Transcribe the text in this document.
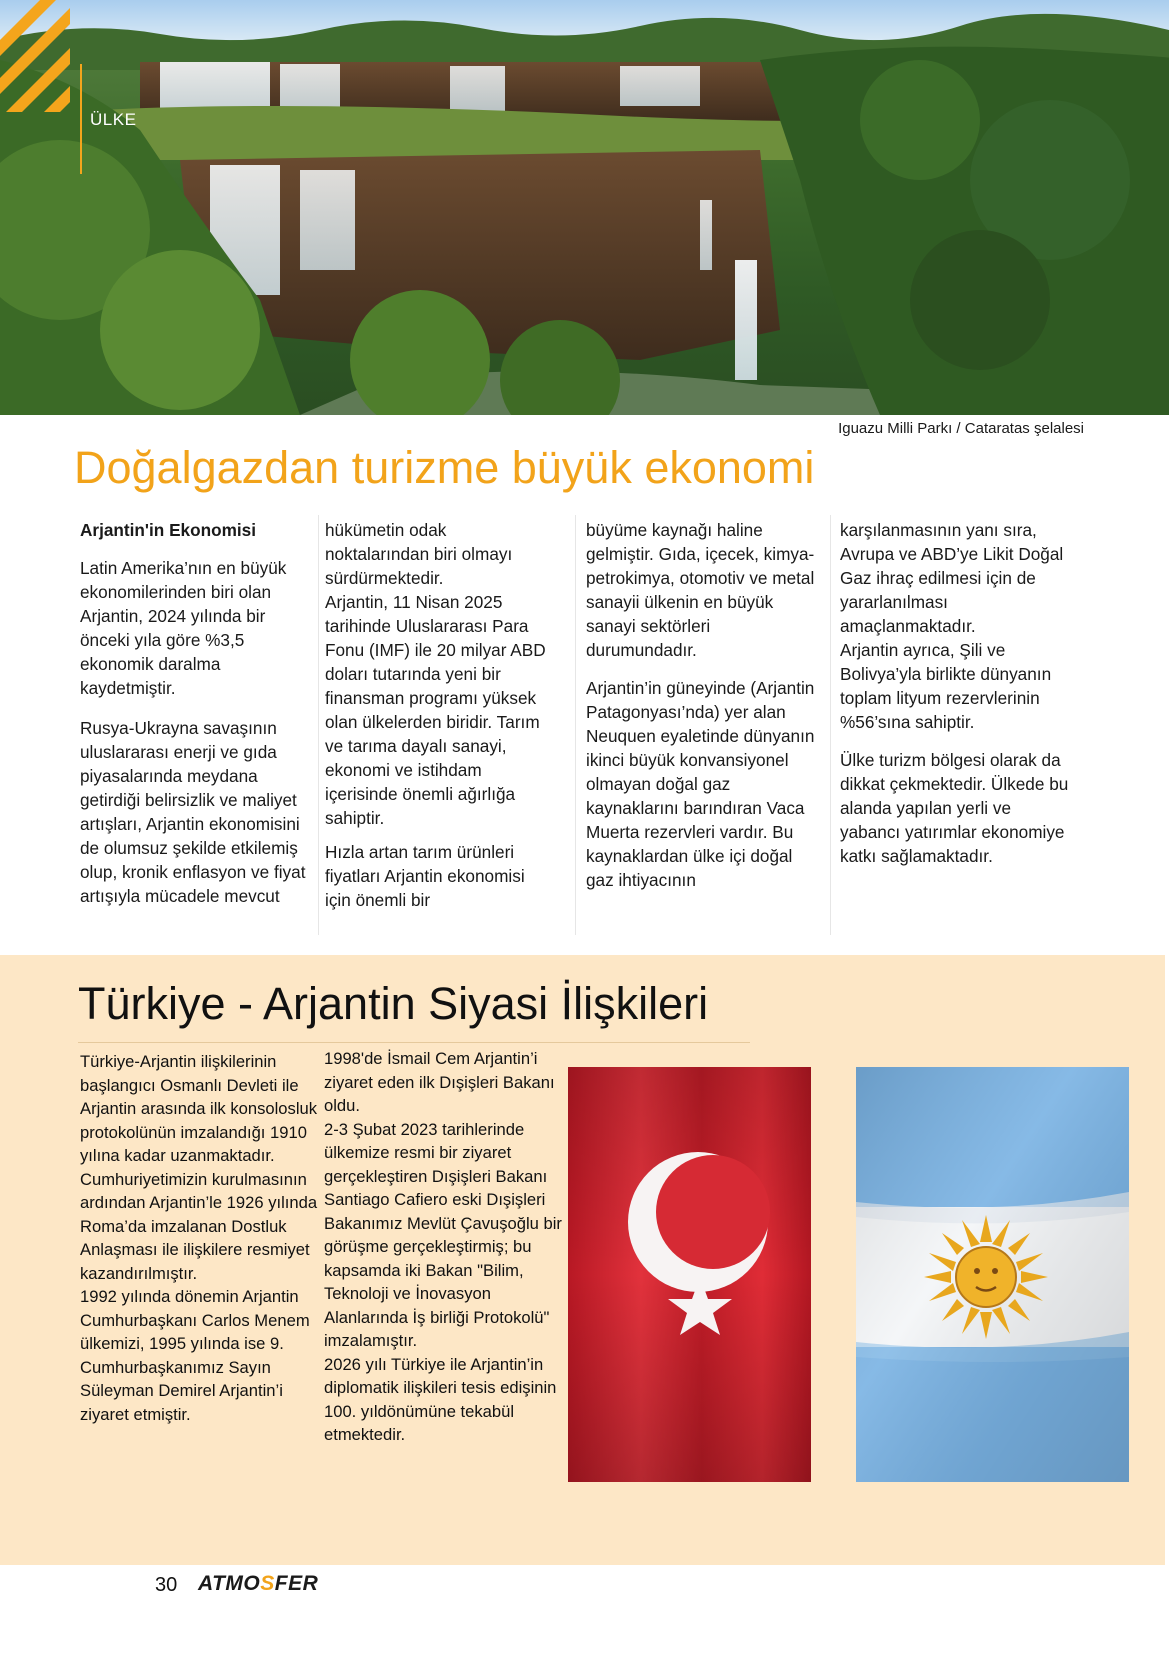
ÜLKE
Iguazu Milli Parkı / Cataratas şelalesi
Doğalgazdan turizme büyük ekonomi

Arjantin'in Ekonomisi

Latin Amerika’nın en büyük ekonomilerinden biri olan Arjantin, 2024 yılında bir önceki yıla göre %3,5 ekonomik daralma kaydetmiştir.

Rusya-Ukrayna savaşının uluslararası enerji ve gıda piyasalarında meydana getirdiği belirsizlik ve maliyet artışları, Arjantin ekonomisini de olumsuz şekilde etkilemiş olup, kronik enflasyon ve fiyat artışıyla mücadele mevcut

hükümetin odak noktalarından biri olmayı sürdürmektedir.

Arjantin, 11 Nisan 2025 tarihinde Uluslararası Para Fonu (IMF) ile 20 milyar ABD doları tutarında yeni bir finansman programı yüksek olan ülkelerden biridir. Tarım ve tarıma dayalı sanayi, ekonomi ve istihdam içerisinde önemli ağırlığa sahiptir.

Hızla artan tarım ürünleri fiyatları Arjantin ekonomisi için önemli bir

büyüme kaynağı haline gelmiştir. Gıda, içecek, kimya-petrokimya, otomotiv ve metal sanayii ülkenin en büyük sanayi sektörleri durumundadır.

Arjantin’in güneyinde (Arjantin Patagonyası’nda) yer alan Neuquen eyaletinde dünyanın ikinci büyük konvansiyonel olmayan doğal gaz kaynaklarını barındıran Vaca Muerta rezervleri vardır. Bu kaynaklardan ülke içi doğal gaz ihtiyacının

karşılanmasının yanı sıra, Avrupa ve ABD’ye Likit Doğal Gaz ihraç edilmesi için de yararlanılması amaçlanmaktadır.

Arjantin ayrıca, Şili ve Bolivya’yla birlikte dünyanın toplam lityum rezervlerinin %56’sına sahiptir.

Ülke turizm bölgesi olarak da dikkat çekmektedir. Ülkede bu alanda yapılan yerli ve yabancı yatırımlar ekonomiye katkı sağlamaktadır.

Türkiye - Arjantin Siyasi İlişkileri

Türkiye-Arjantin ilişkilerinin başlangıcı Osmanlı Devleti ile Arjantin arasında ilk konsolosluk protokolünün imzalandığı 1910 yılına kadar uzanmaktadır.

Cumhuriyetimizin kurulmasının ardından Arjantin’le 1926 yılında Roma’da imzalanan Dostluk Anlaşması ile ilişkilere resmiyet kazandırılmıştır.

1992 yılında dönemin Arjantin Cumhurbaşkanı Carlos Menem ülkemizi, 1995 yılında ise 9. Cumhurbaşkanımız Sayın Süleyman Demirel Arjantin’i ziyaret etmiştir.

1998'de İsmail Cem Arjantin’i ziyaret eden ilk Dışişleri Bakanı oldu.

2-3 Şubat 2023 tarihlerinde ülkemize resmi bir ziyaret gerçekleştiren Dışişleri Bakanı Santiago Cafiero eski Dışişleri Bakanımız Mevlüt Çavuşoğlu bir görüşme gerçekleştirmiş; bu kapsamda iki Bakan "Bilim, Teknoloji ve İnovasyon Alanlarında İş birliği Protokolü" imzalamıştır.

2026 yılı Türkiye ile Arjantin’in diplomatik ilişkileri tesis edişinin 100. yıldönümüne tekabül etmektedir.

30 ATMOSFER
